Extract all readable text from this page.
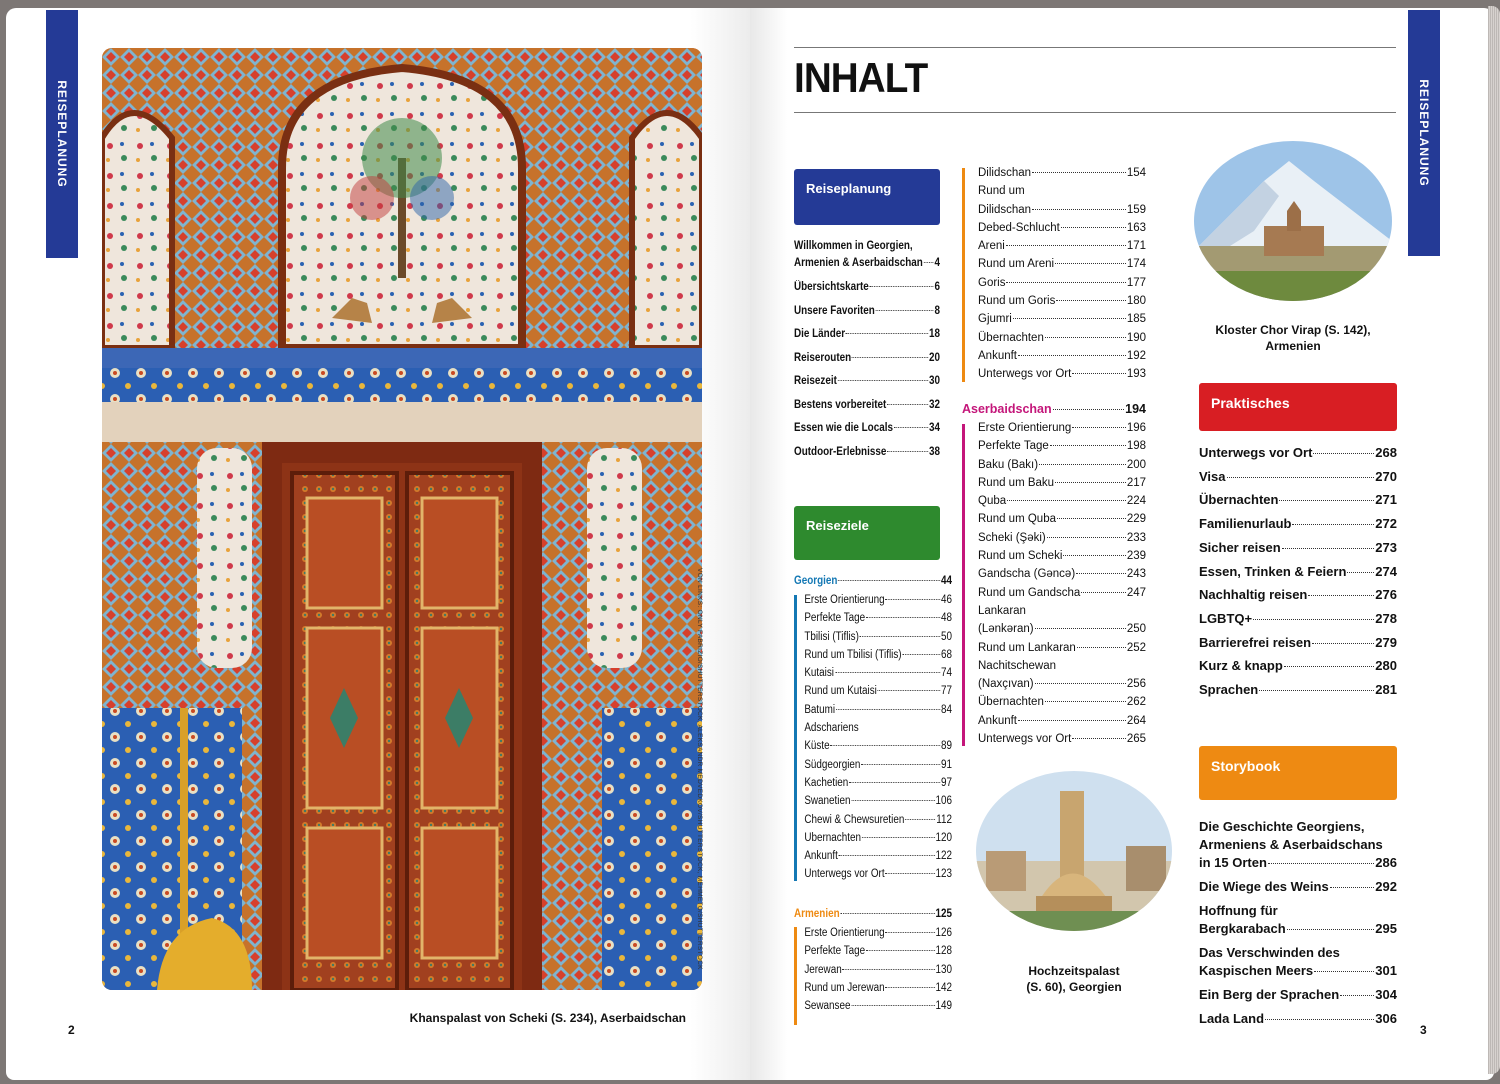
REISEPLANUNG
VON LINKS: ONLY FABRIZIO/SHUTTERSTOCK, ALEKSANDR MEDVEDKOV/SHUTTERSTOCK, MEHMETO/SHUTTERSTOCK
Khanspalast von Scheki (S. 234), Aserbaidschan
2
REISEPLANUNG
INHALT
Reiseplanung
Willkommen in Georgien,
Armenien & Aserbaidschan 4
Übersichtskarte	6
Unsere Favoriten	8
Die Länder	18
Reiserouten	20
Reisezeit	30
Bestens vorbereitet	32
Essen wie die Locals	34
Outdoor-Erlebnisse	38
Reiseziele
Georgien	44
Erste Orientierung	46
Perfekte Tage	48
Tbilisi (Tiflis)	50
Rund um Tbilisi (Tiflis)	68
Kutaisi	74
Rund um Kutaisi	77
Batumi	84
Adschariens
Küste	89
Südgeorgien	91
Kachetien	97
Swanetien	106
Chewi & Chewsuretien	112
Übernachten	120
Ankunft	122
Unterwegs vor Ort	123
Armenien	125
Erste Orientierung	126
Perfekte Tage	128
Jerewan	130
Rund um Jerewan	142
Sewansee	149
Dilidschan	154
Rund um
Dilidschan	159
Debed-Schlucht	163
Areni	171
Rund um Areni	174
Goris	177
Rund um Goris	180
Gjumri	185
Übernachten	190
Ankunft	192
Unterwegs vor Ort	193
Aserbaidschan	194
Erste Orientierung	196
Perfekte Tage	198
Baku (Bakı)	200
Rund um Baku	217
Quba	224
Rund um Quba	229
Scheki (Şəki)	233
Rund um Scheki	239
Gandscha (Gəncə)	243
Rund um Gandscha	247
Lankaran
(Lənkəran)	250
Rund um Lankaran	252
Nachitschewan
(Naxçıvan)	256
Übernachten	262
Ankunft	264
Unterwegs vor Ort	265
Hochzeitspalast
(S. 60), Georgien
Kloster Chor Virap (S. 142),
Armenien
Praktisches
Unterwegs vor Ort	268
Visa	270
Übernachten	271
Familienurlaub	272
Sicher reisen	273
Essen, Trinken & Feiern 274
Nachhaltig reisen	276
LGBTQ+	278
Barrierefrei reisen	279
Kurz & knapp	280
Sprachen	281
Storybook
Die Geschichte Georgiens,
Armeniens & Aserbaidschans
in 15 Orten	286
Die Wiege des Weins	292
Hoffnung für
Bergkarabach	295
Das Verschwinden des
Kaspischen Meers	301
Ein Berg der Sprachen	304
Lada Land	306
3
